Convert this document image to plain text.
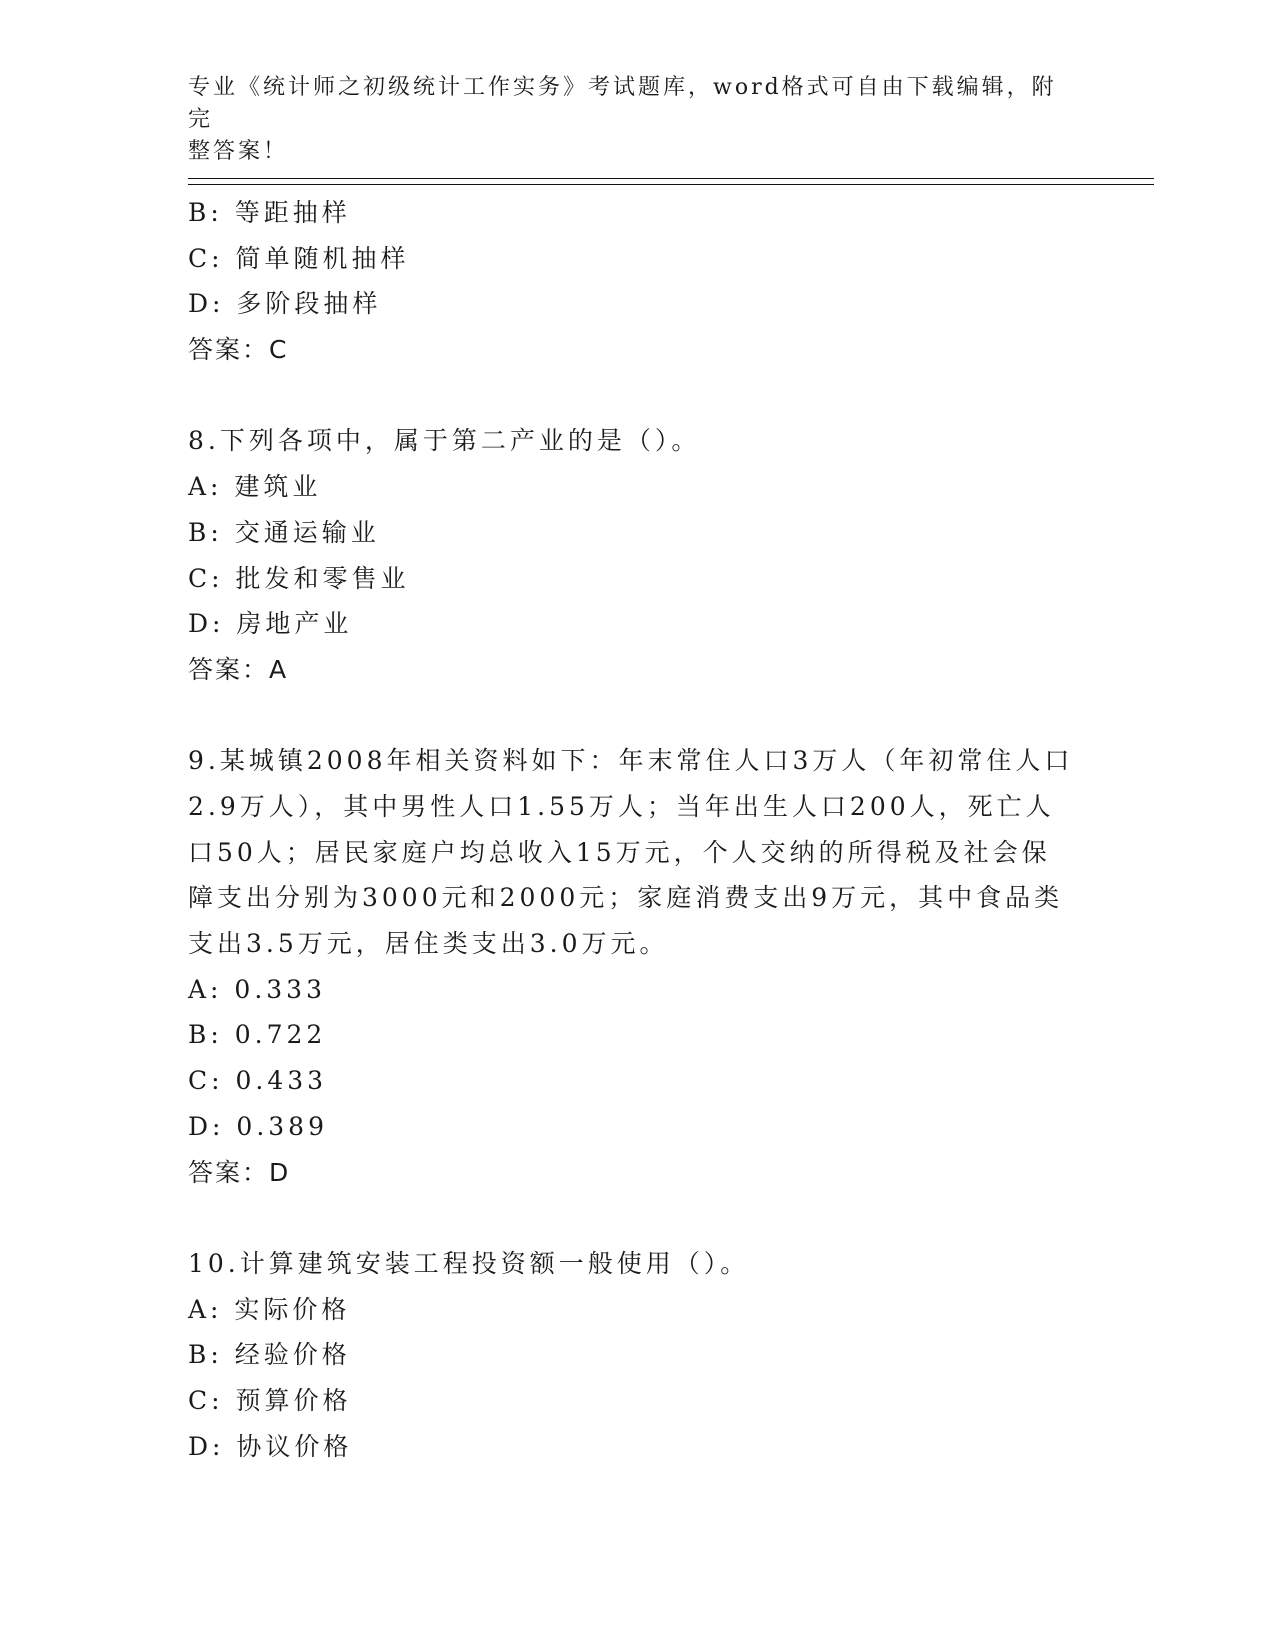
专业《统计师之初级统计工作实务》考试题库，word格式可自由下载编辑，附完
整答案！
B: 等距抽样
C: 简单随机抽样
D: 多阶段抽样
答案：C
8.下列各项中，属于第二产业的是（）。
A: 建筑业
B: 交通运输业
C: 批发和零售业
D: 房地产业
答案：A
9.某城镇2008年相关资料如下：年末常住人口3万人（年初常住人口
2.9万人），其中男性人口1.55万人；当年出生人口200人，死亡人
口50人；居民家庭户均总收入15万元，个人交纳的所得税及社会保
障支出分别为3000元和2000元；家庭消费支出9万元，其中食品类
支出3.5万元，居住类支出3.0万元。
A: 0.333
B: 0.722
C: 0.433
D: 0.389
答案：D
10.计算建筑安装工程投资额一般使用（）。
A: 实际价格
B: 经验价格
C: 预算价格
D: 协议价格
